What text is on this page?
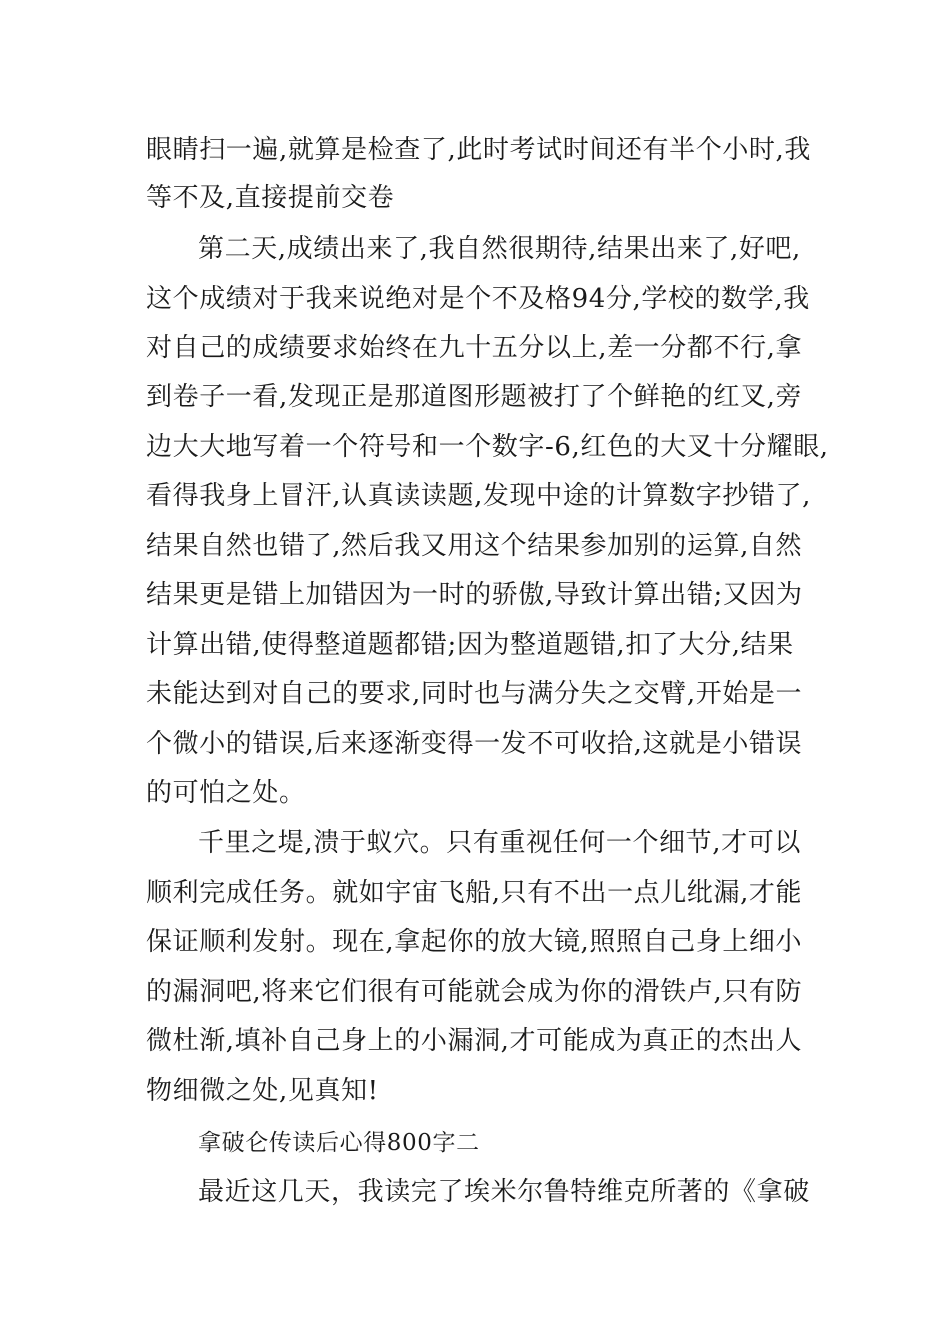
眼睛扫一遍,就算是检查了,此时考试时间还有半个小时,我
等不及,直接提前交卷
第二天,成绩出来了,我自然很期待,结果出来了,好吧,
这个成绩对于我来说绝对是个不及格94分,学校的数学,我
对自己的成绩要求始终在九十五分以上,差一分都不行,拿
到卷子一看,发现正是那道图形题被打了个鲜艳的红叉,旁
边大大地写着一个符号和一个数字-6,红色的大叉十分耀眼,
看得我身上冒汗,认真读读题,发现中途的计算数字抄错了,
结果自然也错了,然后我又用这个结果参加别的运算,自然
结果更是错上加错因为一时的骄傲,导致计算出错;又因为
计算出错,使得整道题都错;因为整道题错,扣了大分,结果
未能达到对自己的要求,同时也与满分失之交臂,开始是一
个微小的错误,后来逐渐变得一发不可收拾,这就是小错误
的可怕之处。
千里之堤,溃于蚁穴。只有重视任何一个细节,才可以
顺利完成任务。就如宇宙飞船,只有不出一点儿纰漏,才能
保证顺利发射。现在,拿起你的放大镜,照照自己身上细小
的漏洞吧,将来它们很有可能就会成为你的滑铁卢,只有防
微杜渐,填补自己身上的小漏洞,才可能成为真正的杰出人
物细微之处,见真知!
拿破仑传读后心得800字二
最近这几天，我读完了埃米尔鲁特维克所著的《拿破
